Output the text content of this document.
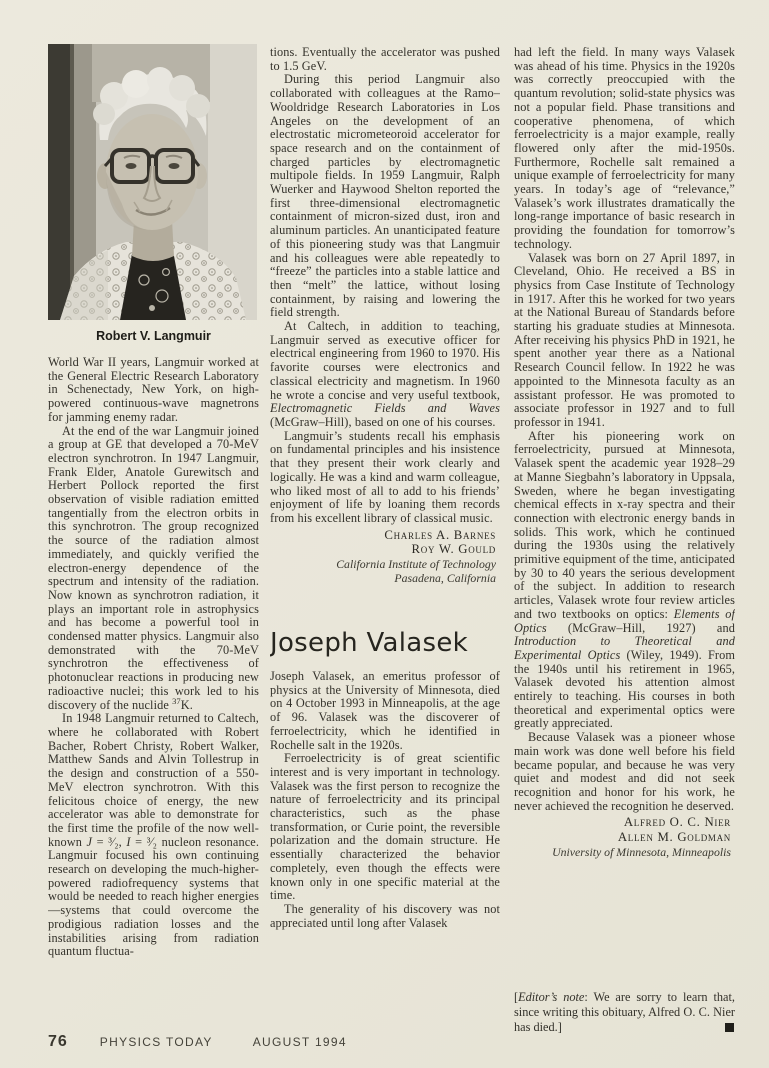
Robert V. Langmuir

World War II years, Langmuir worked at the General Electric Research Laboratory in Schenectady, New York, on high-powered continuous-wave magnetrons for jamming enemy radar.

At the end of the war Langmuir joined a group at GE that developed a 70-MeV electron synchrotron. In 1947 Langmuir, Frank Elder, Anatole Gurewitsch and Herbert Pollock reported the first observation of visible radiation emitted tangentially from the electron orbits in this synchrotron. The group recognized the source of the radiation almost immediately, and quickly verified the electron-energy dependence of the spectrum and intensity of the radiation. Now known as synchrotron radiation, it plays an important role in astrophysics and has become a powerful tool in condensed matter physics. Langmuir also demonstrated with the 70-MeV synchrotron the effectiveness of photonuclear reactions in producing new radioactive nuclei; this work led to his discovery of the nuclide $^{37}$K.

In 1948 Langmuir returned to Caltech, where he collaborated with Robert Bacher, Robert Christy, Robert Walker, Matthew Sands and Alvin Tollestrup in the design and construction of a 550-MeV electron synchrotron. With this felicitous choice of energy, the new accelerator was able to demonstrate for the first time the profile of the now well-known J = ³⁄₂, I = ³⁄₂ nucleon resonance. Langmuir focused his own continuing research on developing the much-higher-powered radiofrequency systems that would be needed to reach higher energies—systems that could overcome the prodigious radiation losses and the instabilities arising from radiation quantum fluctua-

tions. Eventually the accelerator was pushed to 1.5 GeV.

During this period Langmuir also collaborated with colleagues at the Ramo–Wooldridge Research Laboratories in Los Angeles on the development of an electrostatic micrometeoroid accelerator for space research and on the containment of charged particles by electromagnetic multipole fields. In 1959 Langmuir, Ralph Wuerker and Haywood Shelton reported the first three-dimensional electromagnetic containment of micron-sized dust, iron and aluminum particles. An unanticipated feature of this pioneering study was that Langmuir and his colleagues were able repeatedly to “freeze” the particles into a stable lattice and then “melt” the lattice, without losing containment, by raising and lowering the field strength.

At Caltech, in addition to teaching, Langmuir served as executive officer for electrical engineering from 1960 to 1970. His favorite courses were electronics and classical electricity and magnetism. In 1960 he wrote a concise and very useful textbook, Electromagnetic Fields and Waves (McGraw–Hill), based on one of his courses.

Langmuir’s students recall his emphasis on fundamental principles and his insistence that they present their work clearly and logically. He was a kind and warm colleague, who liked most of all to add to his friends’ enjoyment of life by loaning them records from his excellent library of classical music.

Charles A. Barnes
Roy W. Gould
California Institute of Technology
Pasadena, California
Joseph Valasek

Joseph Valasek, an emeritus professor of physics at the University of Minnesota, died on 4 October 1993 in Minneapolis, at the age of 96. Valasek was the discoverer of ferroelectricity, which he identified in Rochelle salt in the 1920s.

Ferroelectricity is of great scientific interest and is very important in technology. Valasek was the first person to recognize the nature of ferroelectricity and its principal characteristics, such as the phase transformation, or Curie point, the reversible polarization and the domain structure. He essentially characterized the behavior completely, even though the effects were known only in one specific material at the time.

The generality of his discovery was not appreciated until long after Valasek

had left the field. In many ways Valasek was ahead of his time. Physics in the 1920s was correctly preoccupied with the quantum revolution; solid-state physics was not a popular field. Phase transitions and cooperative phenomena, of which ferroelectricity is a major example, really flowered only after the mid-1950s. Furthermore, Rochelle salt remained a unique example of ferroelectricity for many years. In today’s age of “relevance,” Valasek’s work illustrates dramatically the long-range importance of basic research in providing the foundation for tomorrow’s technology.

Valasek was born on 27 April 1897, in Cleveland, Ohio. He received a BS in physics from Case Institute of Technology in 1917. After this he worked for two years at the National Bureau of Standards before starting his graduate studies at Minnesota. After receiving his physics PhD in 1921, he spent another year there as a National Research Council fellow. In 1922 he was appointed to the Minnesota faculty as an assistant professor. He was promoted to associate professor in 1927 and to full professor in 1941.

After his pioneering work on ferroelectricity, pursued at Minnesota, Valasek spent the academic year 1928–29 at Manne Siegbahn’s laboratory in Uppsala, Sweden, where he began investigating chemical effects in x-ray spectra and their connection with electronic energy bands in solids. This work, which he continued during the 1930s using the relatively primitive equipment of the time, anticipated by 30 to 40 years the serious development of the subject. In addition to research articles, Valasek wrote four review articles and two textbooks on optics: Elements of Optics (McGraw–Hill, 1927) and Introduction to Theoretical and Experimental Optics (Wiley, 1949). From the 1940s until his retirement in 1965, Valasek devoted his attention almost entirely to teaching. His courses in both theoretical and experimental optics were greatly appreciated.

Because Valasek was a pioneer whose main work was done well before his field became popular, and because he was very quiet and modest and did not seek recognition and honor for his work, he never achieved the recognition he deserved.

Alfred O. C. Nier
Allen M. Goldman
University of Minnesota, Minneapolis

[Editor’s note: We are sorry to learn that, since writing this obituary, Alfred O. C. Nier has died.]

76	PHYSICS TODAY	AUGUST 1994
